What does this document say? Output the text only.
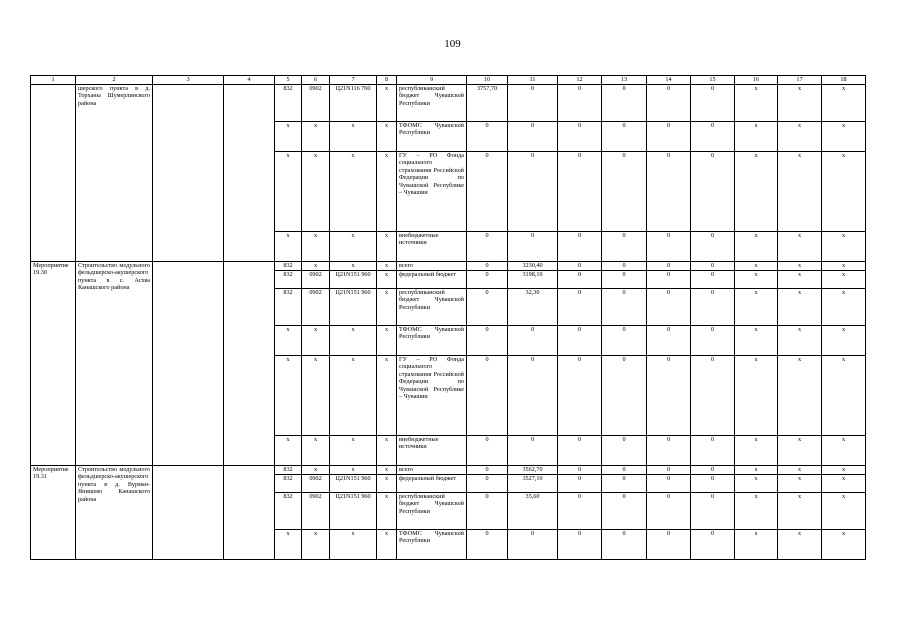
109
1	2	3	4	5	6	7	8	9	10	11	12	13	14	15	16	17	18
	шерского пункта в д. Торханы Шумерлинского района			832	0902	Ц21N116 760	x	республиканский бюджет Чувашской Республики	3757,70	0	0	0	0	0	x	x	x
				x	x	x	x	ТФОМС Чувашской Республики	0	0	0	0	0	0	x	x	x
				x	x	x	x	ГУ – РО Фонда социального страхования Российской Федерации по Чувашской Республике – Чувашии	0	0	0	0	0	0	x	x	x
				x	x	x	x	внебюджетные источники	0	0	0	0	0	0	x	x	x
Мероприятие 19.30	Строительство модульного фельдшерско-акушерского пункта в с. Асхва Канашского района			832	x	x	x	всего	0	3230,40	0	0	0	0	x	x	x
				832	0902	Ц21N151 960	x	федеральный бюджет	0	3198,10	0	0	0	0	x	x	x
				832	0902	Ц21N151 960	x	республиканский бюджет Чувашской Республики	0	32,30	0	0	0	0	x	x	x
				x	x	x	x	ТФОМС Чувашской Республики	0	0	0	0	0	0	x	x	x
				x	x	x	x	ГУ – РО Фонда социального страхования Российской Федерации по Чувашской Республике – Чувашии	0	0	0	0	0	0	x	x	x
				x	x	x	x	внебюджетные источники	0	0	0	0	0	0	x	x	x
Мероприятие 19.31	Строительство модульного фельдшерско-акушерского пункта в д. Вурман-Янишево Канашского района			832	x	x	x	всего	0	3562,70	0	0	0	0	x	x	x
				832	0902	Ц21N151 960	x	федеральный бюджет	0	3527,10	0	0	0	0	x	x	x
				832	0902	Ц21N151 960	x	республиканский бюджет Чувашской Республики	0	35,60	0	0	0	0	x	x	x
				x	x	x	x	ТФОМС Чувашской Республики	0	0	0	0	0	0	x	x	x
